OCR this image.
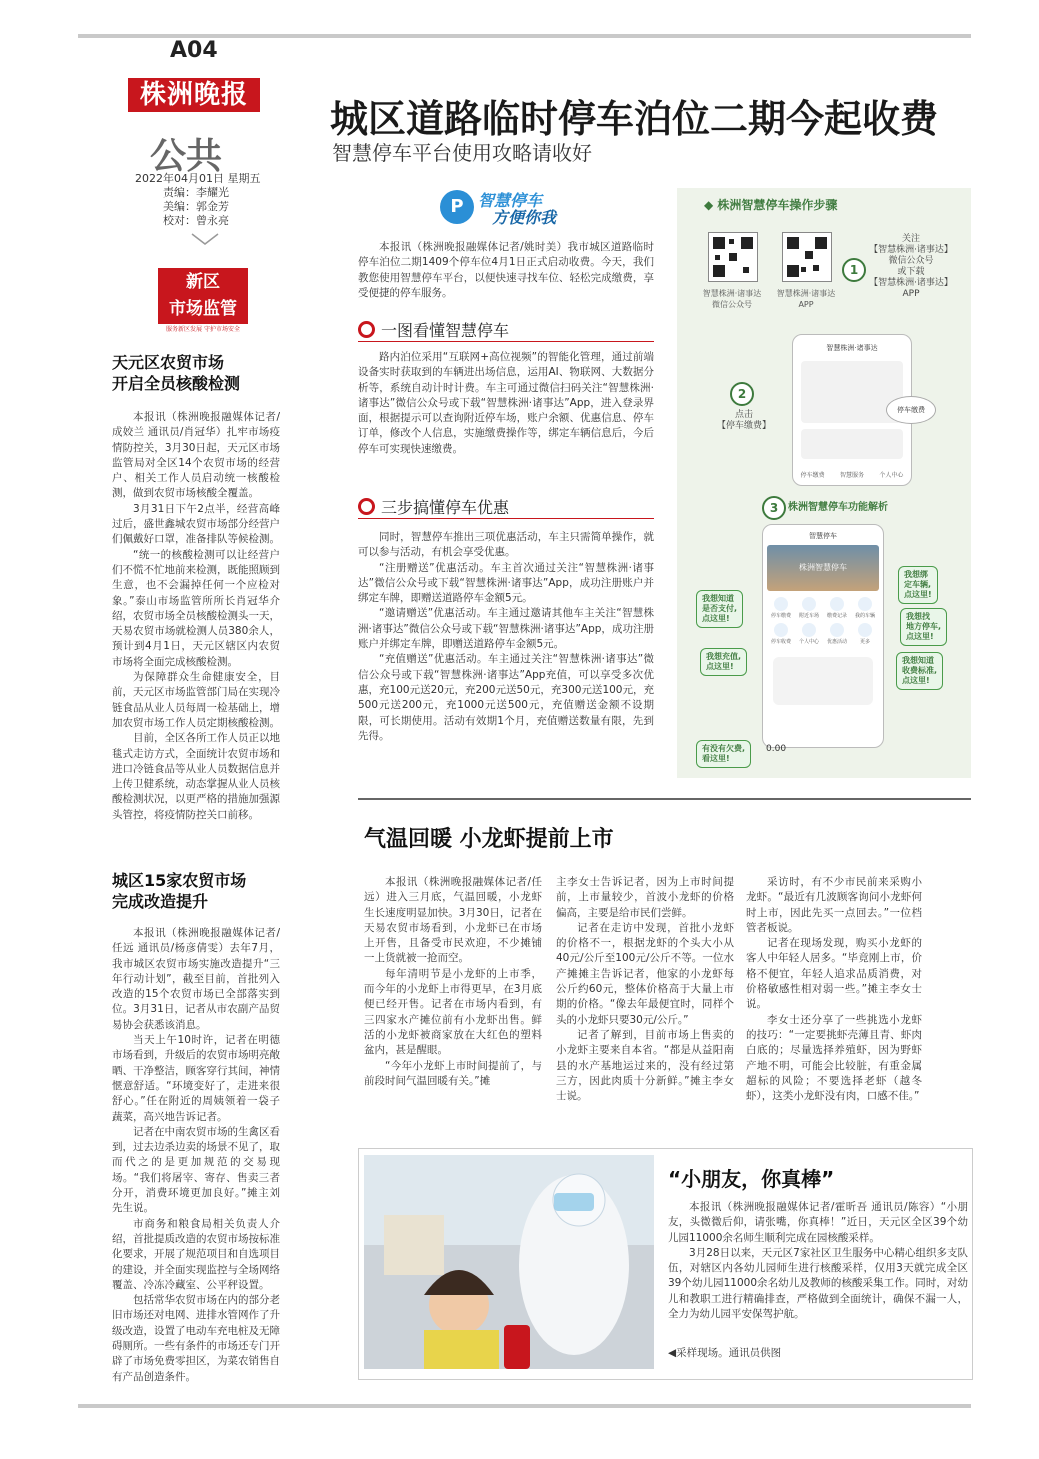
A04
株洲晚报
公共
2022年04月01日 星期五
责编：李耀光
美编：郭金芳
校对：曾永亮
城区道路临时停车泊位二期今起收费
智慧停车平台使用攻略请收好
新区
市场监管
服务新区发展 守护市场安全
天元区农贸市场
开启全员核酸检测

本报讯（株洲晚报融媒体记者/成姣兰 通讯员/肖冠华）扎牢市场疫情防控关，3月30日起，天元区市场监管局对全区14个农贸市场的经营户、相关工作人员启动统一核酸检测，做到农贸市场核酸全覆盖。

3月31日下午2点半，经营高峰过后，盛世鑫城农贸市场部分经营户们佩戴好口罩，准备排队等候检测。

“统一的核酸检测可以让经营户们不慌不忙地前来检测，既能照顾到生意，也不会漏掉任何一个应检对象。”泰山市场监管所所长肖冠华介绍，农贸市场全员核酸检测头一天，天易农贸市场就检测人员380余人，预计到4月1日，天元区辖区内农贸市场将全面完成核酸检测。

为保障群众生命健康安全，目前，天元区市场监管部门局在实现冷链食品从业人员每周一检基础上，增加农贸市场工作人员定期核酸检测。

目前，全区各所工作人员正以地毯式走访方式，全面统计农贸市场和进口冷链食品等从业人员数据信息并上传卫健系统，动态掌握从业人员核酸检测状况，以更严格的措施加强源头管控，将疫情防控关口前移。

城区15家农贸市场
完成改造提升

本报讯（株洲晚报融媒体记者/任远 通讯员/杨彦倩雯）去年7月，我市城区农贸市场实施改造提升“三年行动计划”，截至目前，首批列入改造的15个农贸市场已全部落实到位。3月31日，记者从市农副产品贸易协会获悉该消息。

当天上午10时许，记者在明德市场看到，升级后的农贸市场明亮敞晒、干净整洁，顾客穿行其间，神情惬意舒适。“环境变好了，走进来很舒心。”任在附近的周姨领着一袋子蔬菜，高兴地告诉记者。

记者在中南农贸市场的生禽区看到，过去边杀边卖的场景不见了，取而代之的是更加规范的交易现场。“我们将屠宰、寄存、售卖三者分开，消费环境更加良好。”摊主刘先生说。

市商务和粮食局相关负责人介绍，首批提质改造的农贸市场按标准化要求，开展了规范项目和自选项目的建设，并全面实现监控与全场网络覆盖、冷冻冷藏室、公平秤设置。

包括常华农贸市场在内的部分老旧市场还对电网、进排水管网作了升级改造，设置了电动车充电桩及无障碍厕所。一些有条件的市场还专门开辟了市场免费零担区，为菜农销售自有产品创造条件。

P 智慧停车
方便你我

本报讯（株洲晚报融媒体记者/姚时美）我市城区道路临时停车泊位二期1409个停车位4月1日正式启动收费。今天，我们教您使用智慧停车平台，以便快速寻找车位、轻松完成缴费，享受便捷的停车服务。

一图看懂智慧停车

路内泊位采用“互联网+高位视频”的智能化管理，通过前端设备实时获取到的车辆进出场信息，运用AI、物联网、大数据分析等，系统自动计时计费。车主可通过微信扫码关注“智慧株洲·诸事达”微信公众号或下载“智慧株洲·诸事达”App，进入登录界面，根据提示可以查询附近停车场，账户余额、优惠信息、停车订单，修改个人信息，实施缴费操作等，绑定车辆信息后，今后停车可实现快速缴费。

三步搞懂停车优惠

同时，智慧停车推出三项优惠活动，车主只需简单操作，就可以参与活动，有机会享受优惠。

“注册赠送”优惠活动。车主首次通过关注“智慧株洲·诸事达”微信公众号或下载“智慧株洲·诸事达”App，成功注册账户并绑定车牌，即赠送道路停车金额5元。

“邀请赠送”优惠活动。车主通过邀请其他车主关注“智慧株洲·诸事达”微信公众号或下载“智慧株洲·诸事达”App，成功注册账户并绑定车牌，即赠送道路停车金额5元。

“充值赠送”优惠活动。车主通过关注“智慧株洲·诸事达”微信公众号或下载“智慧株洲·诸事达”App充值，可以享受多次优惠，充100元送20元，充200元送50元，充300元送100元，充500元送200元，充1000元送500元，充值赠送金额不设期限，可长期使用。活动有效期1个月，充值赠送数量有限，先到先得。

◆ 株洲智慧停车操作步骤
智慧株洲·诸事达
微信公众号
智慧株洲·诸事达
APP
1
关注
【智慧株洲·诸事达】
微信公众号
或下载
【智慧株洲·诸事达】
APP
2
点击
【停车缴费】
智慧株洲·诸事达
停车缴费	智慧服务	个人中心
停车缴费
3 株洲智慧停车功能解析
智慧停车
株洲智慧停车
停车缴费	附近车场	缴费记录	我的车辆
停车收费	个人中心	优惠活动	更多
我想知道
是否支付,
点这里!
我想绑
定车辆,
点这里!
我想找
地方停车,
点这里!
我想充值,
点这里!
我想知道
收费标准,
点这里!
有没有欠费,
看这里!
0.00
气温回暖 小龙虾提前上市

本报讯（株洲晚报融媒体记者/任远）进入三月底，气温回暖，小龙虾生长速度明显加快。3月30日，记者在天易农贸市场看到，小龙虾已在市场上开售，且备受市民欢迎，不少摊铺一上货就被一抢而空。

每年清明节是小龙虾的上市季，而今年的小龙虾上市得更早，在3月底便已经开售。记者在市场内看到，有三四家水产摊位前有小龙虾出售。鲜活的小龙虾被商家放在大红色的塑料盆内，甚是醒眼。

“今年小龙虾上市时间提前了，与前段时间气温回暖有关。”摊

主李女士告诉记者，因为上市时间提前，上市量较少，首波小龙虾的价格偏高，主要是给市民们尝鲜。

记者在走访中发现，首批小龙虾的价格不一，根据龙虾的个头大小从40元/公斤至100元/公斤不等。一位水产摊摊主告诉记者，他家的小龙虾每公斤约60元，整体价格高于大量上市期的价格。“像去年最便宜时，同样个头的小龙虾只要30元/公斤。”

记者了解到，目前市场上售卖的小龙虾主要来自本省。“都是从益阳南县的水产基地运过来的，没有经过第三方，因此肉质十分新鲜。”摊主李女士说。

采访时，有不少市民前来采购小龙虾。“最近有几波顾客询问小龙虾何时上市，因此先买一点回去。”一位档管者板说。

记者在现场发现，购买小龙虾的客人中年轻人居多。“毕竟刚上市，价格不便宜，年轻人追求品质消费，对价格敏感性相对弱一些。”摊主李女士说。

李女士还分享了一些挑选小龙虾的技巧：“一定要挑虾壳薄且青、虾肉白底的；尽量选择养殖虾，因为野虾产地不明，可能会比较脏，有重金属超标的风险；不要选择老虾（越冬虾），这类小龙虾没有肉，口感不佳。”

“小朋友，你真棒”

本报讯（株洲晚报融媒体记者/霍昕吾 通讯员/陈容）“小朋友，头微微后仰，请张嘴，你真棒！”近日，天元区全区39个幼儿园11000余名师生顺利完成在园核酸采样。

3月28日以来，天元区7家社区卫生服务中心精心组织多支队伍，对辖区内各幼儿园师生进行核酸采样，仅用3天就完成全区39个幼儿园11000余名幼儿及教师的核酸采集工作。同时，对幼儿和教职工进行精确排查，严格做到全面统计，确保不漏一人，全力为幼儿园平安保驾护航。

◀采样现场。通讯员供图
